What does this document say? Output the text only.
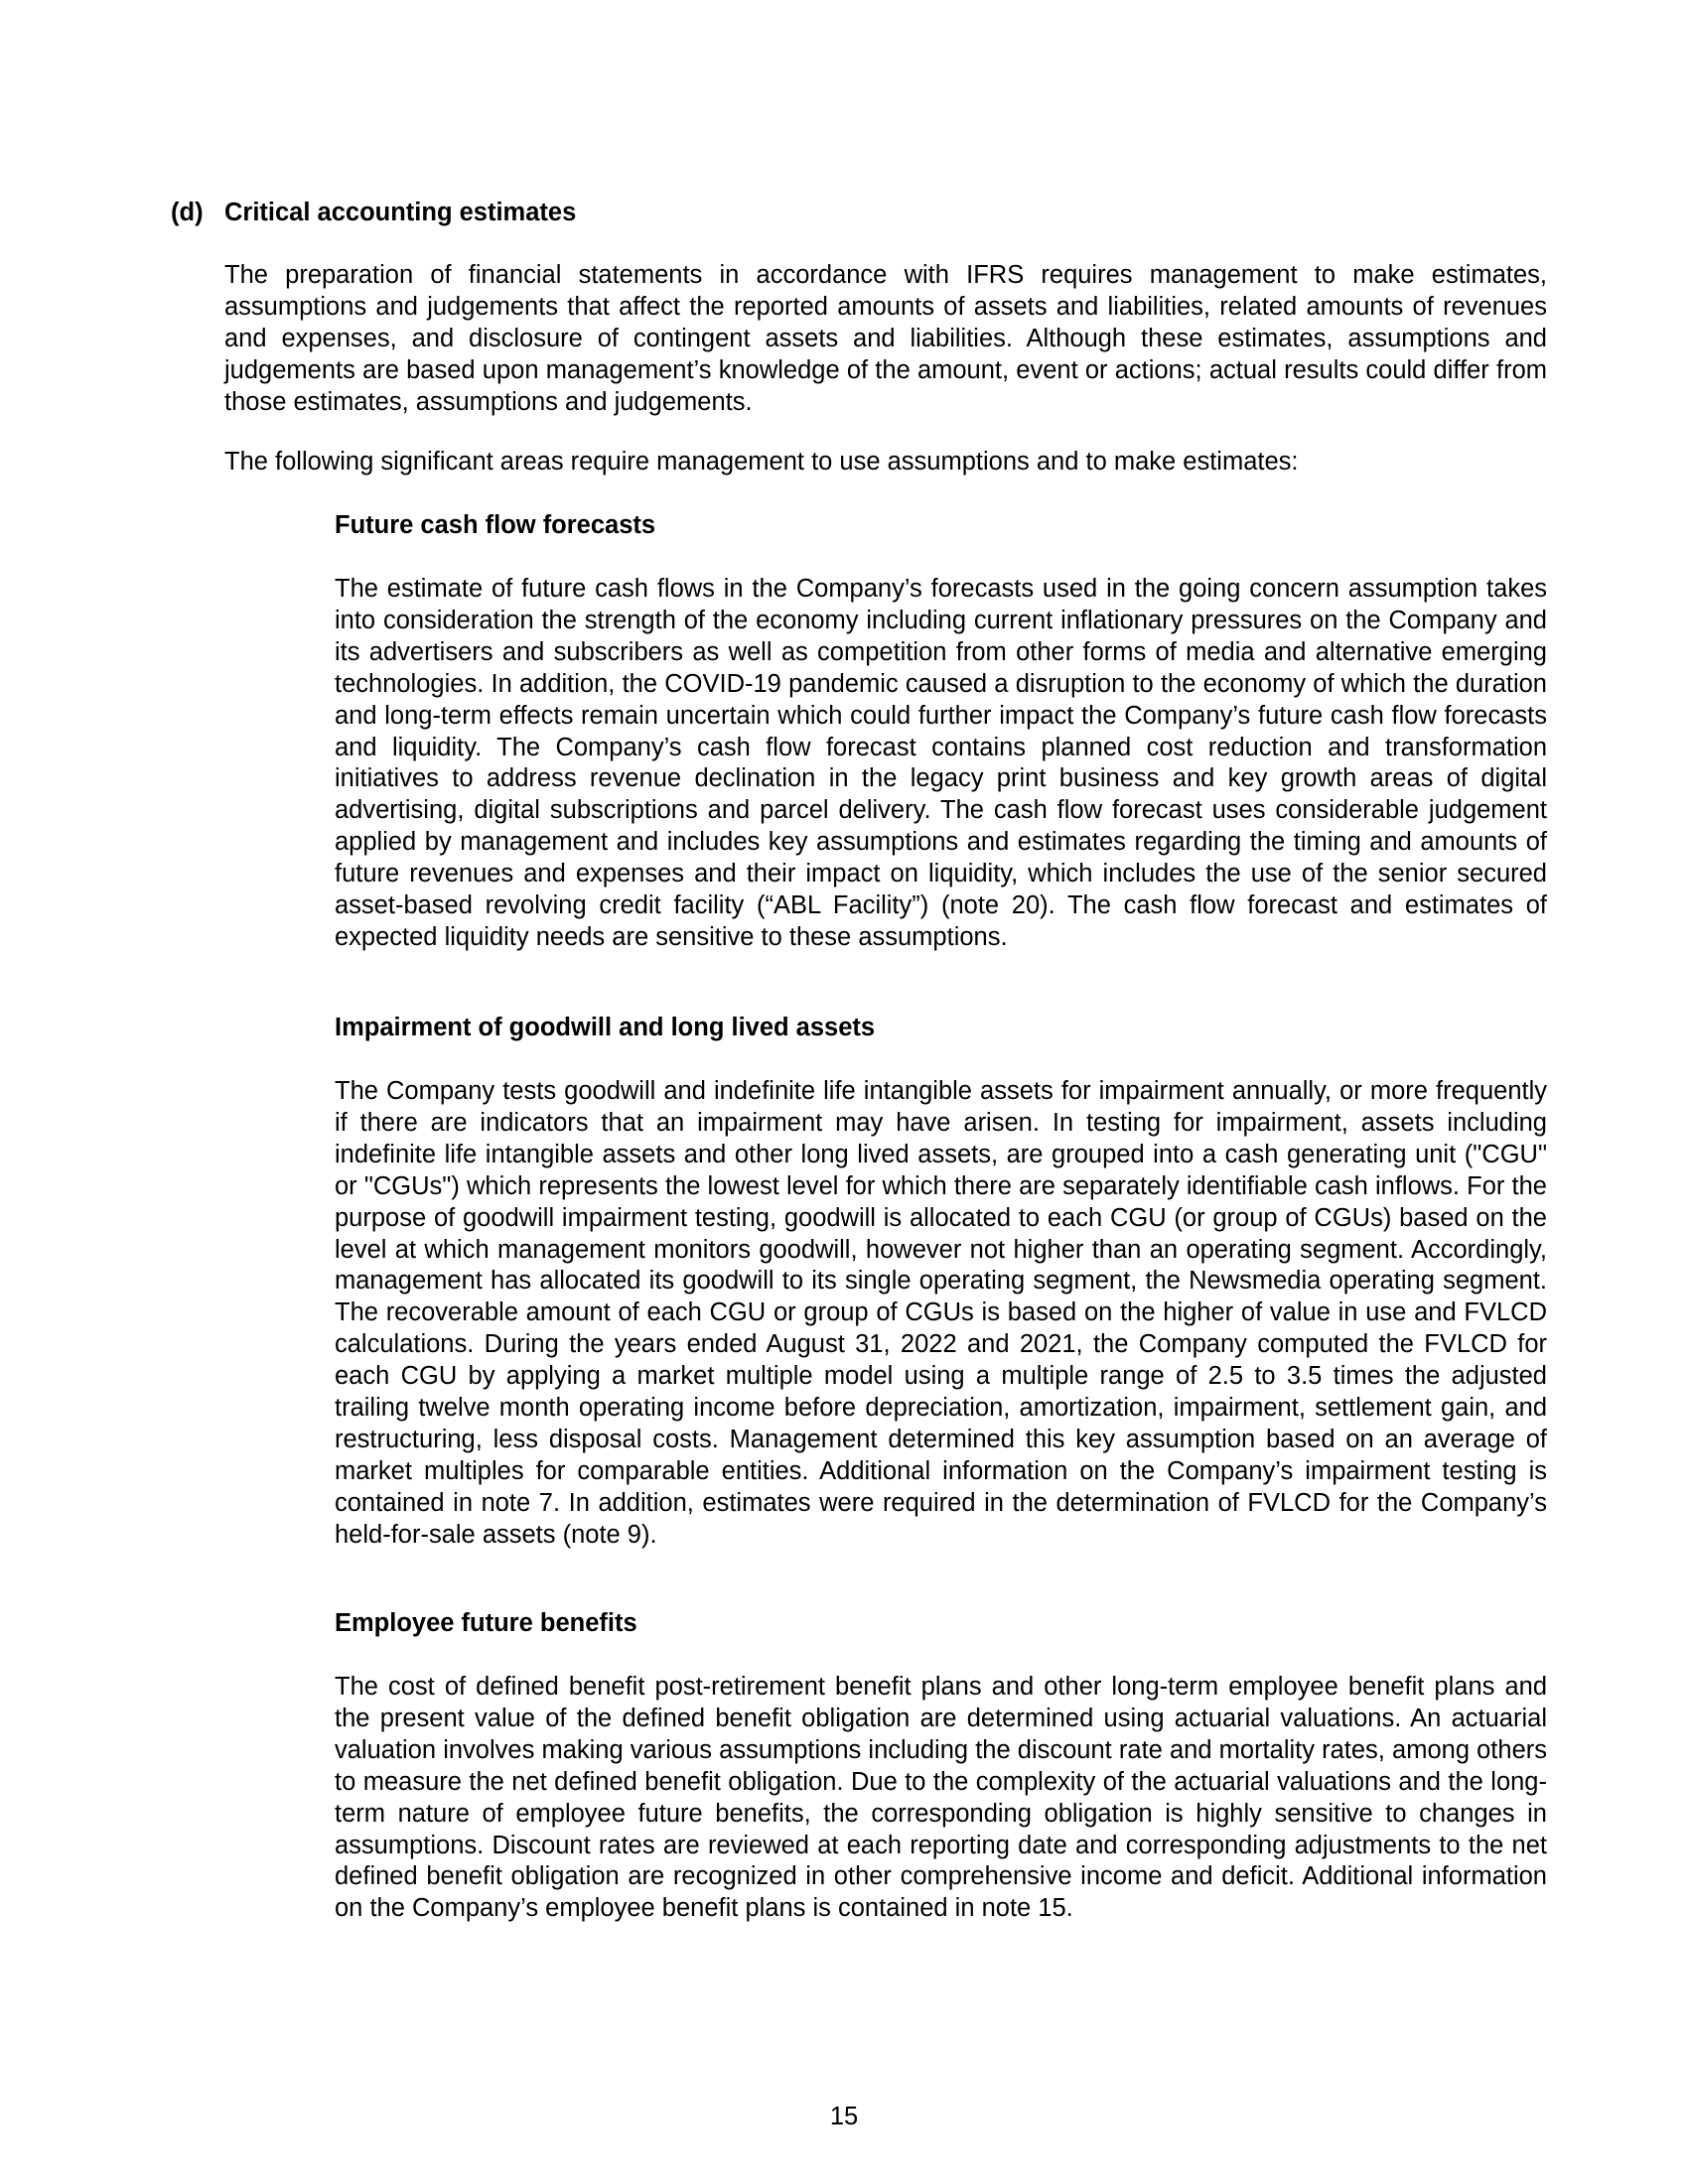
(d) Critical accounting estimates

The preparation of financial statements in accordance with IFRS requires management to make estimates, assumptions and judgements that affect the reported amounts of assets and liabilities, related amounts of revenues and expenses, and disclosure of contingent assets and liabilities. Although these estimates, assumptions and judgements are based upon management’s knowledge of the amount, event or actions; actual results could differ from those estimates, assumptions and judgements.

The following significant areas require management to use assumptions and to make estimates:

Future cash flow forecasts

The estimate of future cash flows in the Company’s forecasts used in the going concern assumption takes into consideration the strength of the economy including current inflationary pressures on the Company and its advertisers and subscribers as well as competition from other forms of media and alternative emerging technologies. In addition, the COVID-19 pandemic caused a disruption to the economy of which the duration and long-term effects remain uncertain which could further impact the Company’s future cash flow forecasts and liquidity. The Company’s cash flow forecast contains planned cost reduction and transformation initiatives to address revenue declination in the legacy print business and key growth areas of digital advertising, digital subscriptions and parcel delivery. The cash flow forecast uses considerable judgement applied by management and includes key assumptions and estimates regarding the timing and amounts of future revenues and expenses and their impact on liquidity, which includes the use of the senior secured asset-based revolving credit facility (“ABL Facility”) (note 20). The cash flow forecast and estimates of expected liquidity needs are sensitive to these assumptions.

Impairment of goodwill and long lived assets

The Company tests goodwill and indefinite life intangible assets for impairment annually, or more frequently if there are indicators that an impairment may have arisen. In testing for impairment, assets including indefinite life intangible assets and other long lived assets, are grouped into a cash generating unit ("CGU" or "CGUs") which represents the lowest level for which there are separately identifiable cash inflows. For the purpose of goodwill impairment testing, goodwill is allocated to each CGU (or group of CGUs) based on the level at which management monitors goodwill, however not higher than an operating segment. Accordingly, management has allocated its goodwill to its single operating segment, the Newsmedia operating segment. The recoverable amount of each CGU or group of CGUs is based on the higher of value in use and FVLCD calculations. During the years ended August 31, 2022 and 2021, the Company computed the FVLCD for each CGU by applying a market multiple model using a multiple range of 2.5 to 3.5 times the adjusted trailing twelve month operating income before depreciation, amortization, impairment, settlement gain, and restructuring, less disposal costs. Management determined this key assumption based on an average of market multiples for comparable entities. Additional information on the Company’s impairment testing is contained in note 7. In addition, estimates were required in the determination of FVLCD for the Company’s held-for-sale assets (note 9).

Employee future benefits

The cost of defined benefit post-retirement benefit plans and other long-term employee benefit plans and the present value of the defined benefit obligation are determined using actuarial valuations. An actuarial valuation involves making various assumptions including the discount rate and mortality rates, among others to measure the net defined benefit obligation. Due to the complexity of the actuarial valuations and the long-term nature of employee future benefits, the corresponding obligation is highly sensitive to changes in assumptions. Discount rates are reviewed at each reporting date and corresponding adjustments to the net defined benefit obligation are recognized in other comprehensive income and deficit. Additional information on the Company’s employee benefit plans is contained in note 15.

15
